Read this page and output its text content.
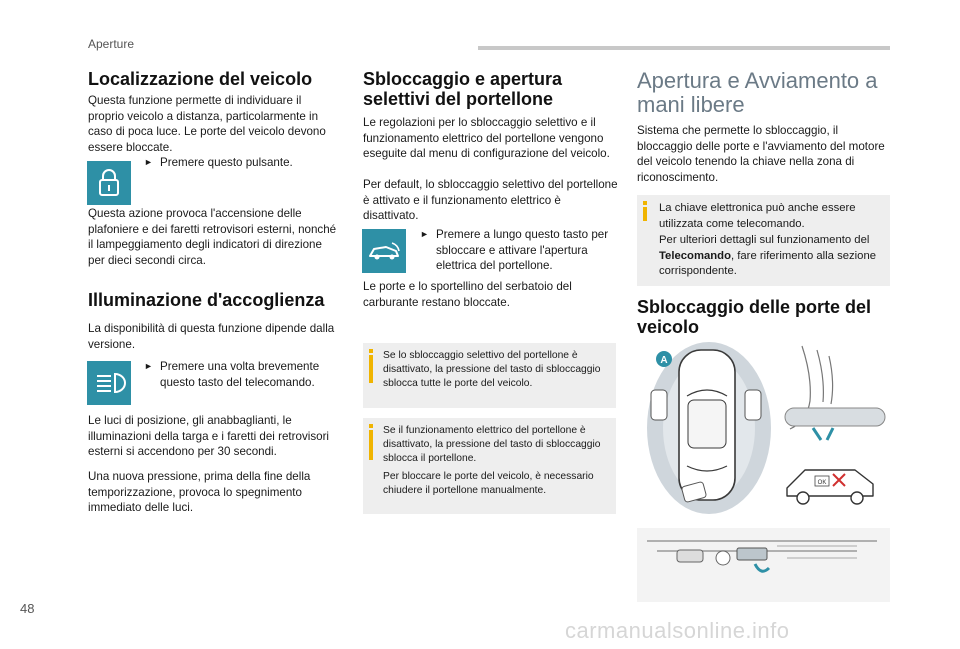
Aperture
Localizzazione del veicolo

Questa funzione permette di individuare il proprio veicolo a distanza, particolarmente in caso di poca luce. Le porte del veicolo devono essere bloccate.

► Premere questo pulsante.

Questa azione provoca l'accensione delle plafoniere e dei faretti retrovisori esterni, nonché il lampeggiamento degli indicatori di direzione per dieci secondi circa.

Illuminazione d'accoglienza

La disponibilità di questa funzione dipende dalla versione.

► Premere una volta brevemente questo tasto del telecomando.

Le luci di posizione, gli anabbaglianti, le illuminazioni della targa e i faretti dei retrovisori esterni si accendono per 30 secondi.

Una nuova pressione, prima della fine della temporizzazione, provoca lo spegnimento immediato delle luci.

Sbloccaggio e apertura selettivi del portellone

Le regolazioni per lo sbloccaggio selettivo e il funzionamento elettrico del portellone vengono eseguite dal menu di configurazione del veicolo.

Per default, lo sbloccaggio selettivo del portellone è attivato e il funzionamento elettrico è disattivato.

► Premere a lungo questo tasto per sbloccare e attivare l'apertura elettrica del portellone.

Le porte e lo sportellino del serbatoio del carburante restano bloccate.

Se lo sbloccaggio selettivo del portellone è disattivato, la pressione del tasto di sbloccaggio sblocca tutte le porte del veicolo.

Se il funzionamento elettrico del portellone è disattivato, la pressione del tasto di sbloccaggio sblocca il portellone.

Per bloccare le porte del veicolo, è necessario chiudere il portellone manualmente.

Apertura e Avviamento a mani libere

Sistema che permette lo sbloccaggio, il bloccaggio delle porte e l'avviamento del motore del veicolo tenendo la chiave nella zona di riconoscimento.

La chiave elettronica può anche essere utilizzata come telecomando.

Per ulteriori dettagli sul funzionamento del Telecomando, fare riferimento alla sezione corrispondente.

Sbloccaggio delle porte del veicolo
A
OK
48
carmanualsonline.info
